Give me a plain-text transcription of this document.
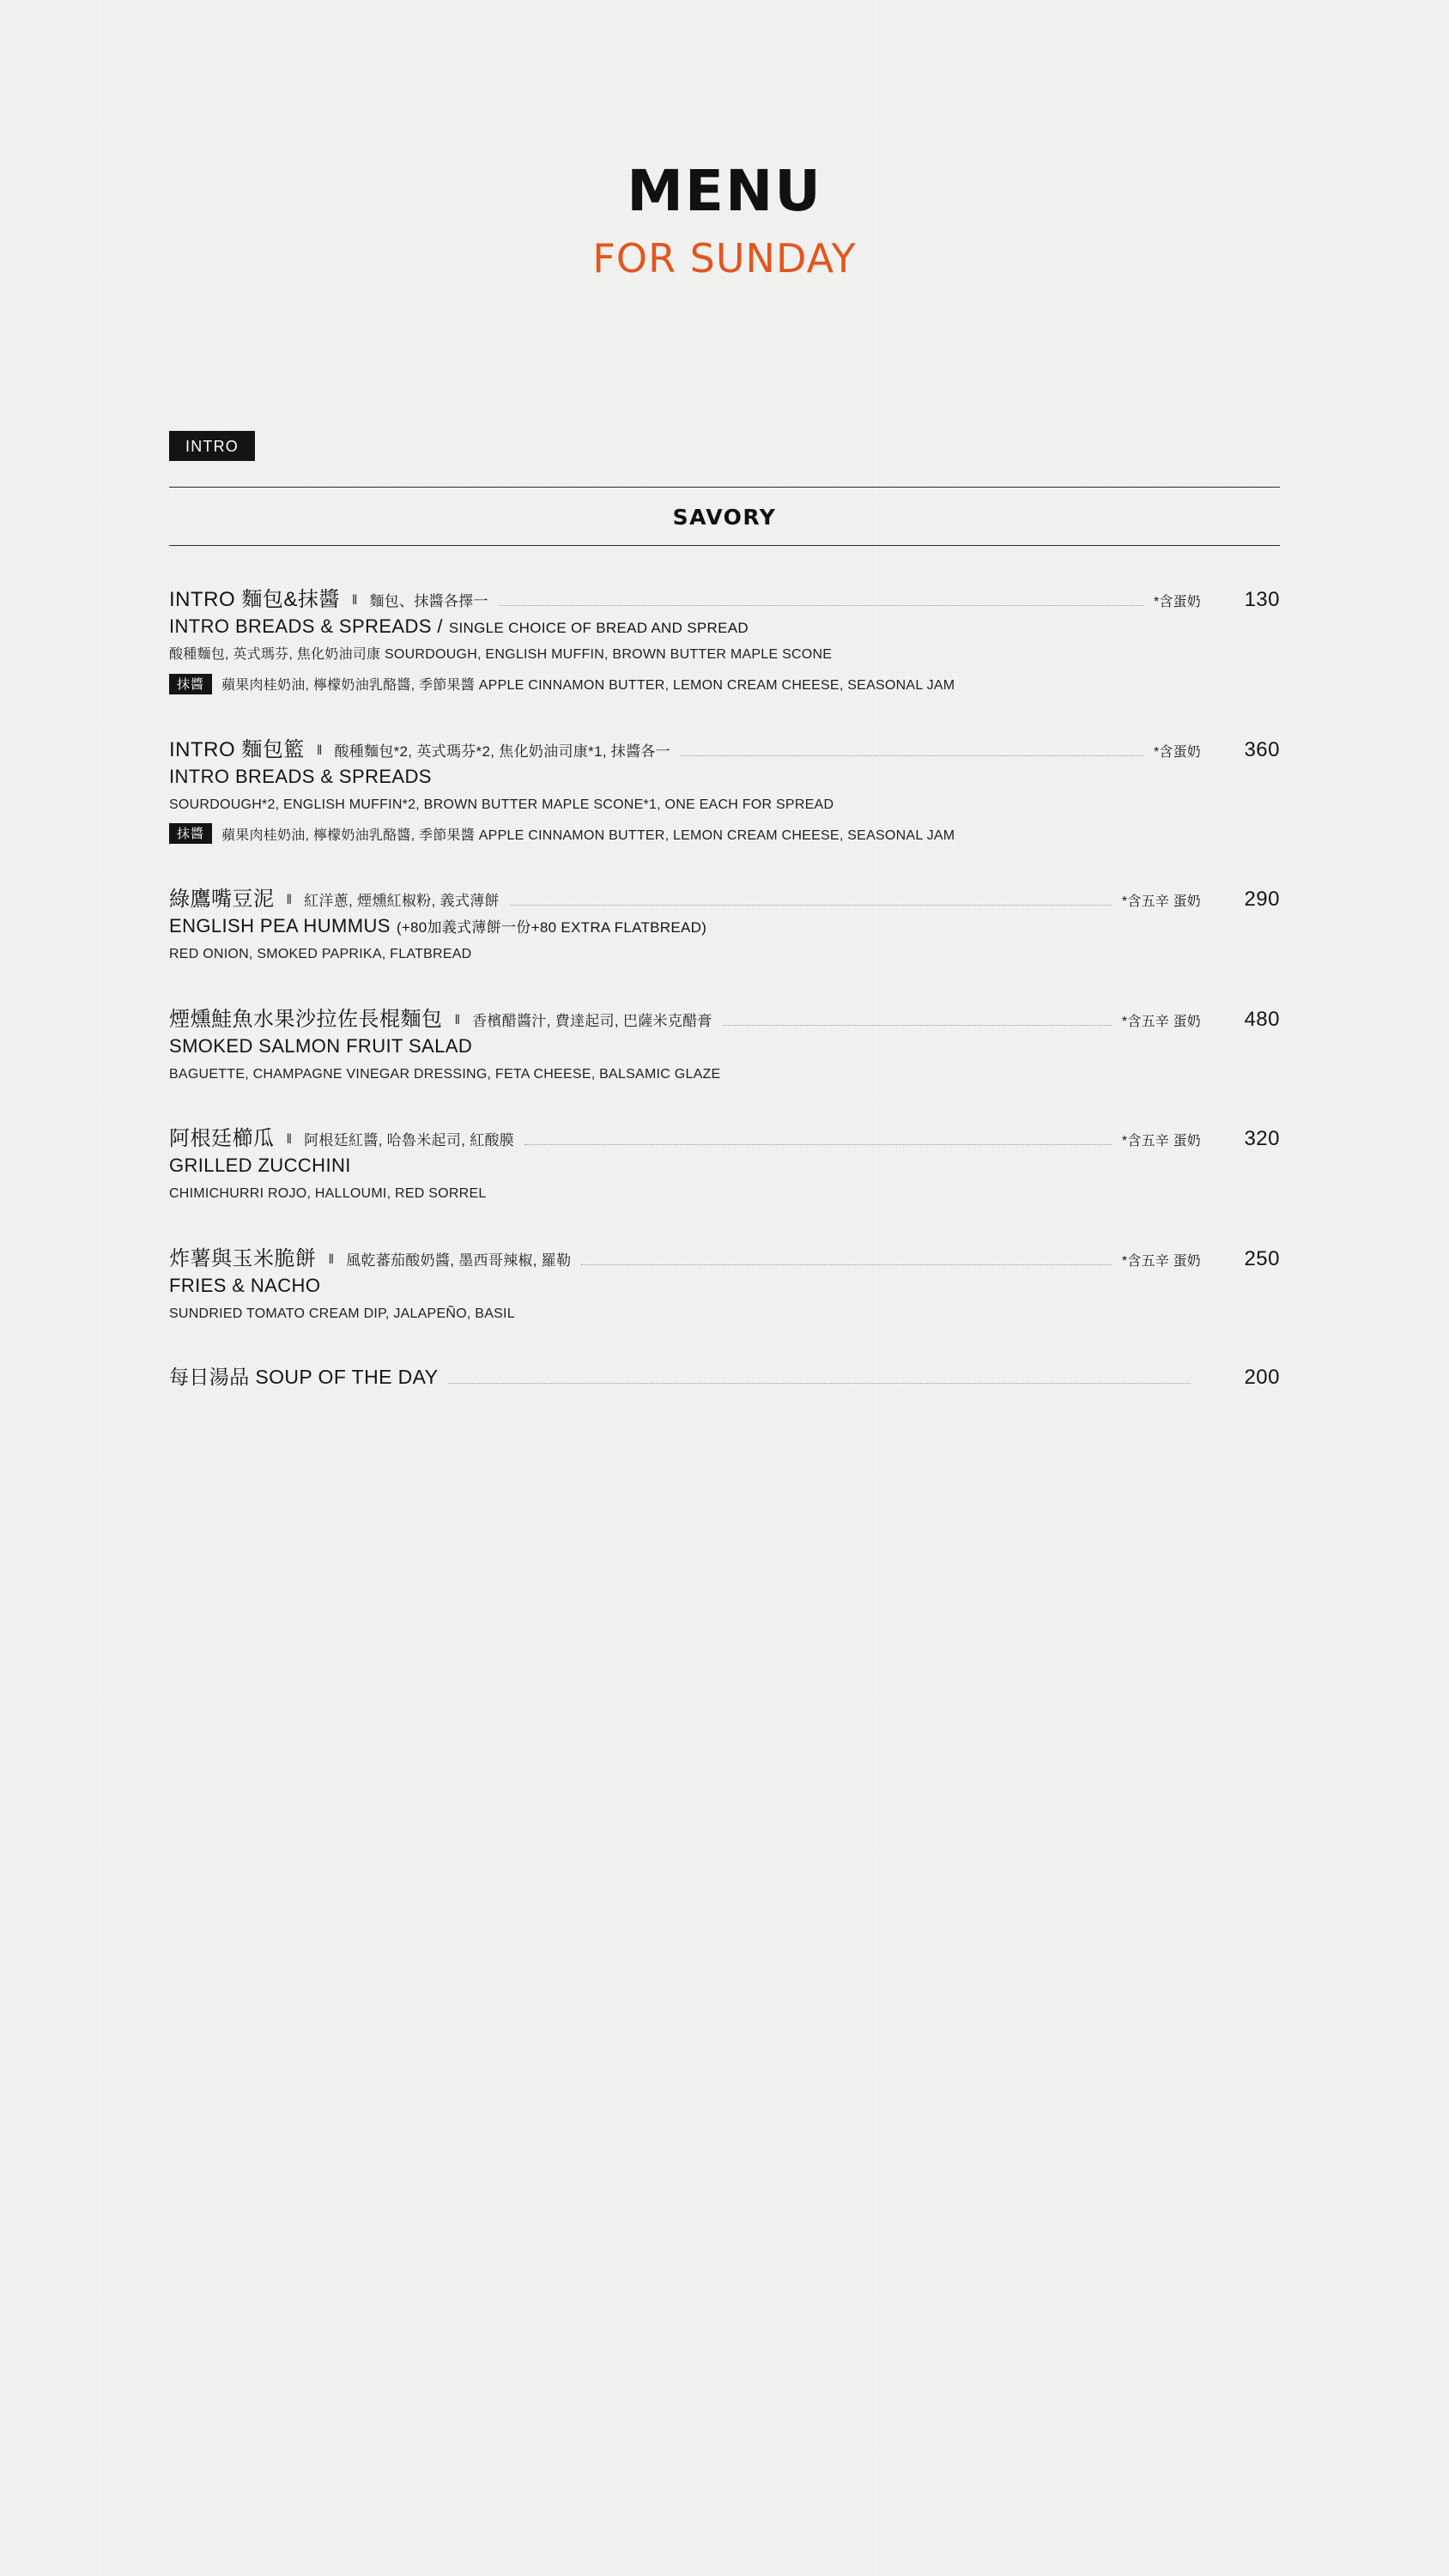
MENU
FOR SUNDAY
INTRO
SAVORY
INTRO 麵包&抹醬 ‖ 麵包、抹醬各擇一	*含蛋奶	130
INTRO BREADS & SPREADS / SINGLE CHOICE OF BREAD AND SPREAD
酸種麵包, 英式瑪芬, 焦化奶油司康 SOURDOUGH, ENGLISH MUFFIN, BROWN BUTTER MAPLE SCONE
抹醬	蘋果肉桂奶油, 檸檬奶油乳酪醬, 季節果醬 APPLE CINNAMON BUTTER, LEMON CREAM CHEESE, SEASONAL JAM
INTRO 麵包籃 ‖ 酸種麵包*2, 英式瑪芬*2, 焦化奶油司康*1, 抹醬各一	*含蛋奶	360
INTRO BREADS & SPREADS
SOURDOUGH*2, ENGLISH MUFFIN*2, BROWN BUTTER MAPLE SCONE*1, ONE EACH FOR SPREAD
抹醬	蘋果肉桂奶油, 檸檬奶油乳酪醬, 季節果醬 APPLE CINNAMON BUTTER, LEMON CREAM CHEESE, SEASONAL JAM
綠鷹嘴豆泥 ‖ 紅洋蔥, 煙燻紅椒粉, 義式薄餅	*含五辛 蛋奶	290
ENGLISH PEA HUMMUS (+80加義式薄餅一份+80 EXTRA FLATBREAD)
RED ONION, SMOKED PAPRIKA, FLATBREAD
煙燻鮭魚水果沙拉佐長棍麵包 ‖ 香檳醋醬汁, 費達起司, 巴薩米克醋膏	*含五辛 蛋奶	480
SMOKED SALMON FRUIT SALAD
BAGUETTE, CHAMPAGNE VINEGAR DRESSING, FETA CHEESE, BALSAMIC GLAZE
阿根廷櫛瓜 ‖ 阿根廷紅醬, 哈魯米起司, 紅酸膜	*含五辛 蛋奶	320
GRILLED ZUCCHINI
CHIMICHURRI ROJO, HALLOUMI, RED SORREL
炸薯與玉米脆餅 ‖ 風乾蕃茄酸奶醬, 墨西哥辣椒, 羅勒	*含五辛 蛋奶	250
FRIES & NACHO
SUNDRIED TOMATO CREAM DIP, JALAPEÑO, BASIL
每日湯品 SOUP OF THE DAY	200
